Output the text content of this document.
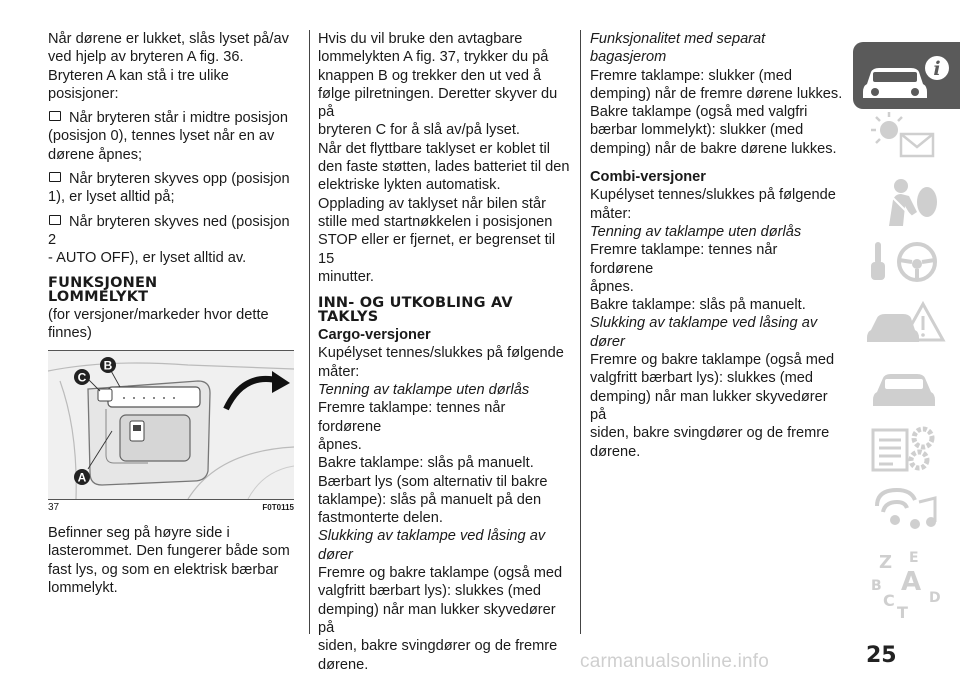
Når dørene er lukket, slås lyset på/av
ved hjelp av bryteren A fig. 36.
Bryteren A kan stå i tre ulike posisjoner:

Når bryteren står i midtre posisjon
(posisjon 0), tennes lyset når en av
dørene åpnes;

Når bryteren skyves opp (posisjon
1), er lyset alltid på;

Når bryteren skyves ned (posisjon 2
- AUTO OFF), er lyset alltid av.

FUNKSJONEN
LOMMELYKT

(for versjoner/markeder hvor dette
finnes)

B
C
A
37	F0T0115

Befinner seg på høyre side i
lasterommet. Den fungerer både som
fast lys, og som en elektrisk bærbar
lommelykt.

Hvis du vil bruke den avtagbare
lommelykten A fig. 37, trykker du på
knappen B og trekker den ut ved å
følge pilretningen. Deretter skyver du på
bryteren C for å slå av/på lyset.
Når det flyttbare taklyset er koblet til
den faste støtten, lades batteriet til den
elektriske lykten automatisk.
Opplading av taklyset når bilen står
stille med startnøkkelen i posisjonen
STOP eller er fjernet, er begrenset til 15
minutter.

INN- OG UTKOBLING AV
TAKLYS

Cargo-versjoner

Kupélyset tennes/slukkes på følgende
måter:

Tenning av taklampe uten dørlås

Fremre taklampe: tennes når fordørene
åpnes.
Bakre taklampe: slås på manuelt.
Bærbart lys (som alternativ til bakre
taklampe): slås på manuelt på den
fastmonterte delen.

Slukking av taklampe ved låsing av
dører

Fremre og bakre taklampe (også med
valgfritt bærbart lys): slukkes (med
demping) når man lukker skyvedører på
siden, bakre svingdører og de fremre
dørene.

Funksjonalitet med separat bagasjerom

Fremre taklampe: slukker (med
demping) når de fremre dørene lukkes.
Bakre taklampe (også med valgfri
bærbar lommelykt): slukker (med
demping) når de bakre dørene lukkes.

Combi-versjoner

Kupélyset tennes/slukkes på følgende
måter:

Tenning av taklampe uten dørlås

Fremre taklampe: tennes når fordørene
åpnes.
Bakre taklampe: slås på manuelt.

Slukking av taklampe ved låsing av
dører

Fremre og bakre taklampe (også med
valgfritt bærbart lys): slukkes (med
demping) når man lukker skyvedører på
siden, bakre svingdører og de fremre
dørene.

i
Z E
B A
C D
T
25
carmanualsonline.info
